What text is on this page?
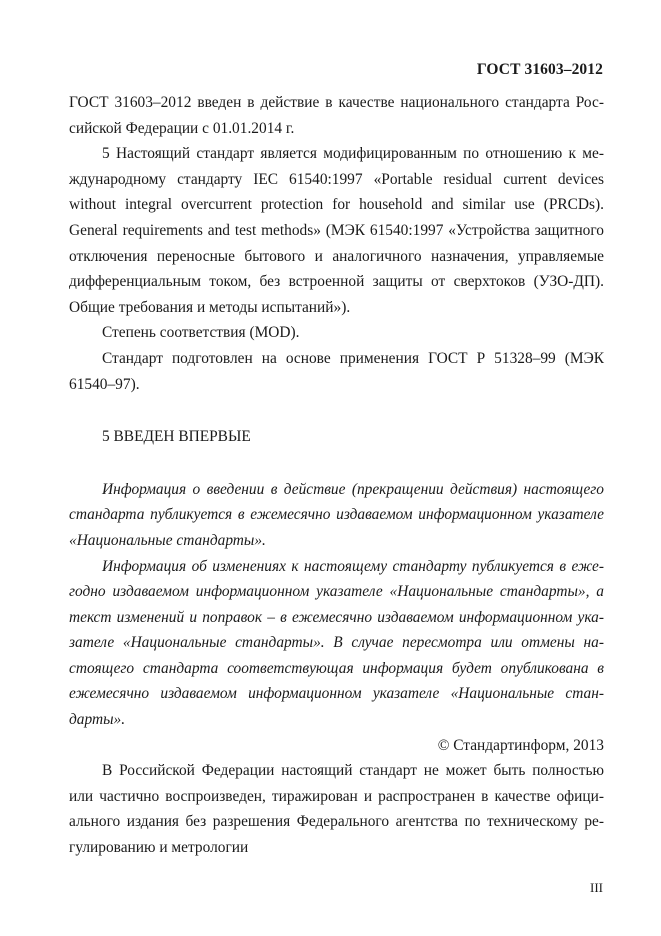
ГОСТ 31603–2012

ГОСТ 31603–2012 введен в действие в качестве национального стандарта Российской Федерации с 01.01.2014 г.

5 Настоящий стандарт является модифицированным по отношению к международному стандарту IEC 61540:1997 «Portable residual current devices without integral overcurrent protection for household and similar use (PRCDs). General requirements and test methods» (МЭК 61540:1997 «Устройства защитного отключения переносные бытового и аналогичного назначения, управляемые дифференциальным током, без встроенной защиты от сверхтоков (УЗО-ДП). Общие требования и методы испытаний»).

Степень соответствия (MOD).

Стандарт подготовлен на основе применения ГОСТ Р 51328–99 (МЭК 61540–97).

5 ВВЕДЕН ВПЕРВЫЕ

Информация о введении в действие (прекращении действия) настоящего стандарта публикуется в ежемесячно издаваемом информационном указателе «Национальные стандарты».

Информация об изменениях к настоящему стандарту публикуется в ежегодно издаваемом информационном указателе «Национальные стандарты», а текст изменений и поправок – в ежемесячно издаваемом информационном указателе «Национальные стандарты». В случае пересмотра или отмены настоящего стандарта соответствующая информация будет опубликована в ежемесячно издаваемом информационном указателе «Национальные стандарты».

© Стандартинформ, 2013

В Российской Федерации настоящий стандарт не может быть полностью или частично воспроизведен, тиражирован и распространен в качестве официального издания без разрешения Федерального агентства по техническому регулированию и метрологии

III
